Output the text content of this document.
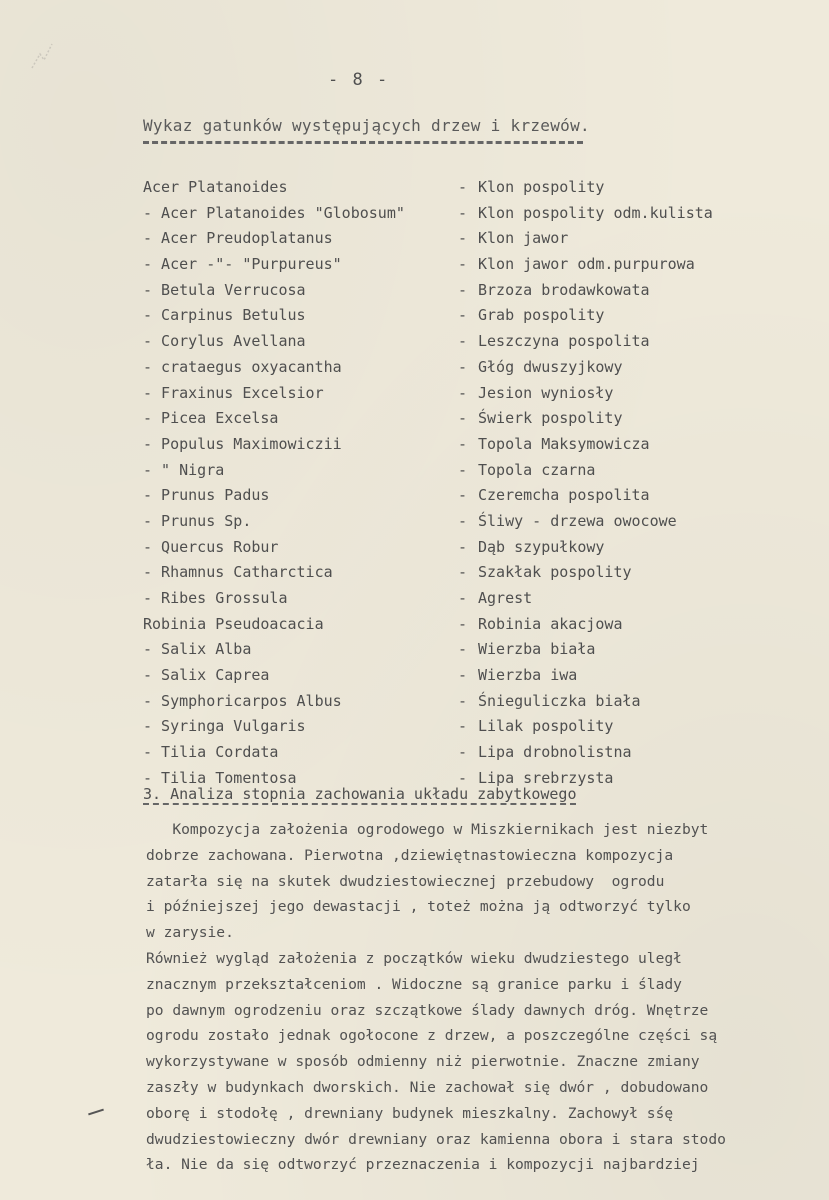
- 8 -
Wykaz gatunków występujących drzew i krzewów.
Acer Platanoides	- Klon pospolity
- Acer Platanoides "Globosum"	- Klon pospolity odm.kulista
- Acer Preudoplatanus	- Klon jawor
- Acer -"- "Purpureus"	- Klon jawor odm.purpurowa
- Betula Verrucosa	- Brzoza brodawkowata
- Carpinus Betulus	- Grab pospolity
- Corylus Avellana	- Leszczyna pospolita
- crataegus oxyacantha	- Głóg dwuszyjkowy
- Fraxinus Excelsior	- Jesion wyniosły
- Picea Excelsa	- Świerk pospolity
- Populus Maximowiczii	- Topola Maksymowicza
- " Nigra	- Topola czarna
- Prunus Padus	- Czeremcha pospolita
- Prunus Sp.	- Śliwy - drzewa owocowe
- Quercus Robur	- Dąb szypułkowy
- Rhamnus Catharctica	- Szakłak pospolity
- Ribes Grossula	- Agrest
Robinia Pseudoacacia	- Robinia akacjowa
- Salix Alba	- Wierzba biała
- Salix Caprea	- Wierzba iwa
- Symphoricarpos Albus	- Śnieguliczka biała
- Syringa Vulgaris	- Lilak pospolity
- Tilia Cordata	- Lipa drobnolistna
- Tilia Tomentosa	- Lipa srebrzysta
3. Analiza stopnia zachowania układu zabytkowego
Kompozycja założenia ogrodowego w Miszkiernikach jest niezbyt
dobrze zachowana. Pierwotna ,dziewiętnastowieczna kompozycja
zatarła się na skutek dwudziestowiecznej przebudowy  ogrodu
i późniejszej jego dewastacji , toteż można ją odtworzyć tylko
w zarysie.
Również wygląd założenia z początków wieku dwudziestego uległ
znacznym przekształceniom . Widoczne są granice parku i ślady
po dawnym ogrodzeniu oraz szczątkowe ślady dawnych dróg. Wnętrze
ogrodu zostało jednak ogołocone z drzew, a poszczególne części są
wykorzystywane w sposób odmienny niż pierwotnie. Znaczne zmiany
zaszły w budynkach dworskich. Nie zachował się dwór , dobudowano
oborę i stodołę , drewniany budynek mieszkalny. Zachowył sśę
dwudziestowieczny dwór drewniany oraz kamienna obora i stara stodo
ła. Nie da się odtworzyć przeznaczenia i kompozycji najbardziej
